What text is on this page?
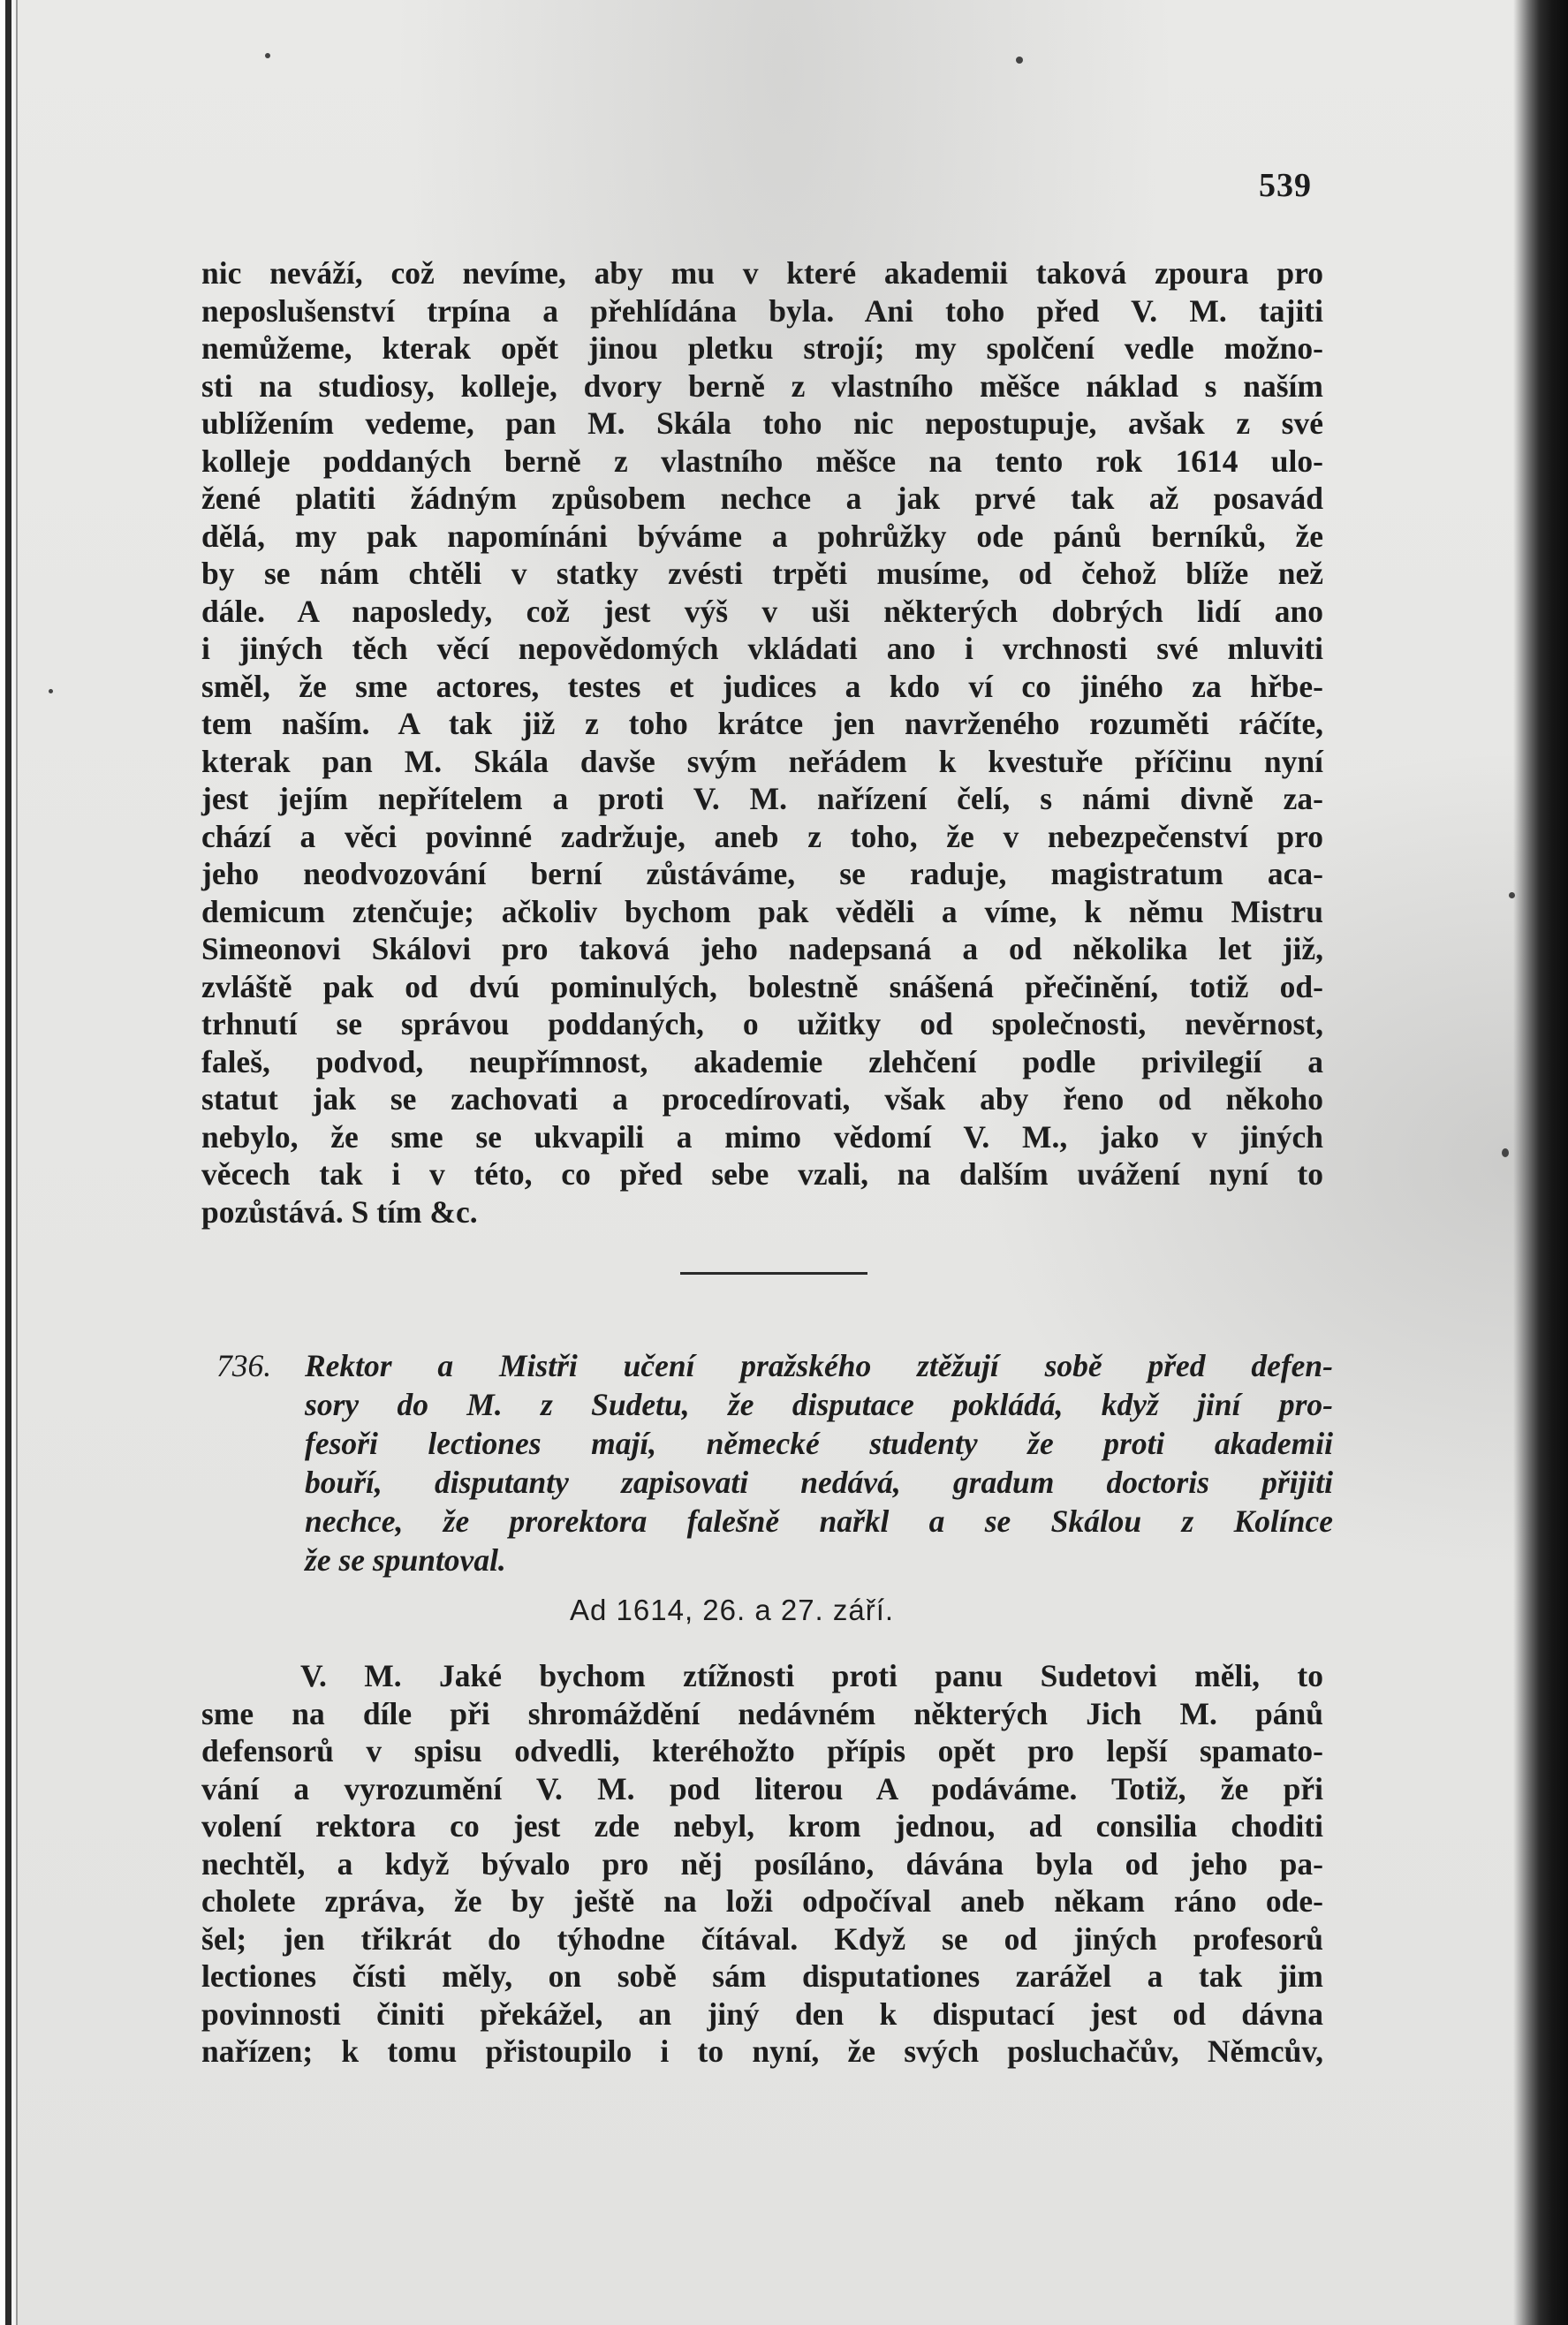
539
nic neváží, což nevíme, aby mu v které akademii taková zpoura pro
neposlušenství trpína a přehlídána byla. Ani toho před V. M. tajiti
nemůžeme, kterak opět jinou pletku strojí; my spolčení vedle možno-
sti na studiosy, kolleje, dvory berně z vlastního měšce náklad s naším
ublížením vedeme, pan M. Skála toho nic nepostupuje, avšak z své
kolleje poddaných berně z vlastního měšce na tento rok 1614 ulo-
žené platiti žádným způsobem nechce a jak prvé tak až posavád
dělá, my pak napomínáni býváme a pohrůžky ode pánů berníků, že
by se nám chtěli v statky zvésti trpěti musíme, od čehož blíže než
dále. A naposledy, což jest výš v uši některých dobrých lidí ano
i jiných těch věcí nepovědomých vkládati ano i vrchnosti své mluviti
směl, že sme actores, testes et judices a kdo ví co jiného za hřbe-
tem naším. A tak již z toho krátce jen navrženého rozuměti ráčíte,
kterak pan M. Skála davše svým neřádem k kvestuře příčinu nyní
jest jejím nepřítelem a proti V. M. nařízení čelí, s námi divně za-
chází a věci povinné zadržuje, aneb z toho, že v nebezpečenství pro
jeho neodvozování berní zůstáváme, se raduje, magistratum aca-
demicum ztenčuje; ačkoliv bychom pak věděli a víme, k němu Mistru
Simeonovi Skálovi pro taková jeho nadepsaná a od několika let již,
zvláště pak od dvú pominulých, bolestně snášená přečinění, totiž od-
trhnutí se správou poddaných, o užitky od společnosti, nevěrnost,
faleš, podvod, neupřímnost, akademie zlehčení podle privilegií a
statut jak se zachovati a procedírovati, však aby řeno od někoho
nebylo, že sme se ukvapili a mimo vědomí V. M., jako v jiných
věcech tak i v této, co před sebe vzali, na dalším uvážení nyní to
pozůstává. S tím &c.
736. Rektor a Mistři učení pražského ztěžují sobě před defen-
sory do M. z Sudetu, že disputace pokládá, když jiní pro-
fesoři lectiones mají, německé studenty že proti akademii
bouří, disputanty zapisovati nedává, gradum doctoris přijiti
nechce, že prorektora falešně nařkl a se Skálou z Kolínce
že se spuntoval.
Ad 1614, 26. a 27. září.
V. M. Jaké bychom ztížnosti proti panu Sudetovi měli, to
sme na díle při shromáždění nedávném některých Jich M. pánů
defensorů v spisu odvedli, kteréhožto přípis opět pro lepší spamato-
vání a vyrozumění V. M. pod literou A podáváme. Totiž, že při
volení rektora co jest zde nebyl, krom jednou, ad consilia choditi
nechtěl, a když bývalo pro něj posíláno, dávána byla od jeho pa-
cholete zpráva, že by ještě na loži odpočíval aneb někam ráno ode-
šel; jen třikrát do týhodne čítával. Když se od jiných profesorů
lectiones čísti měly, on sobě sám disputationes zarážel a tak jim
povinnosti činiti překážel, an jiný den k disputací jest od dávna
nařízen; k tomu přistoupilo i to nyní, že svých posluchačův, Němcův,
